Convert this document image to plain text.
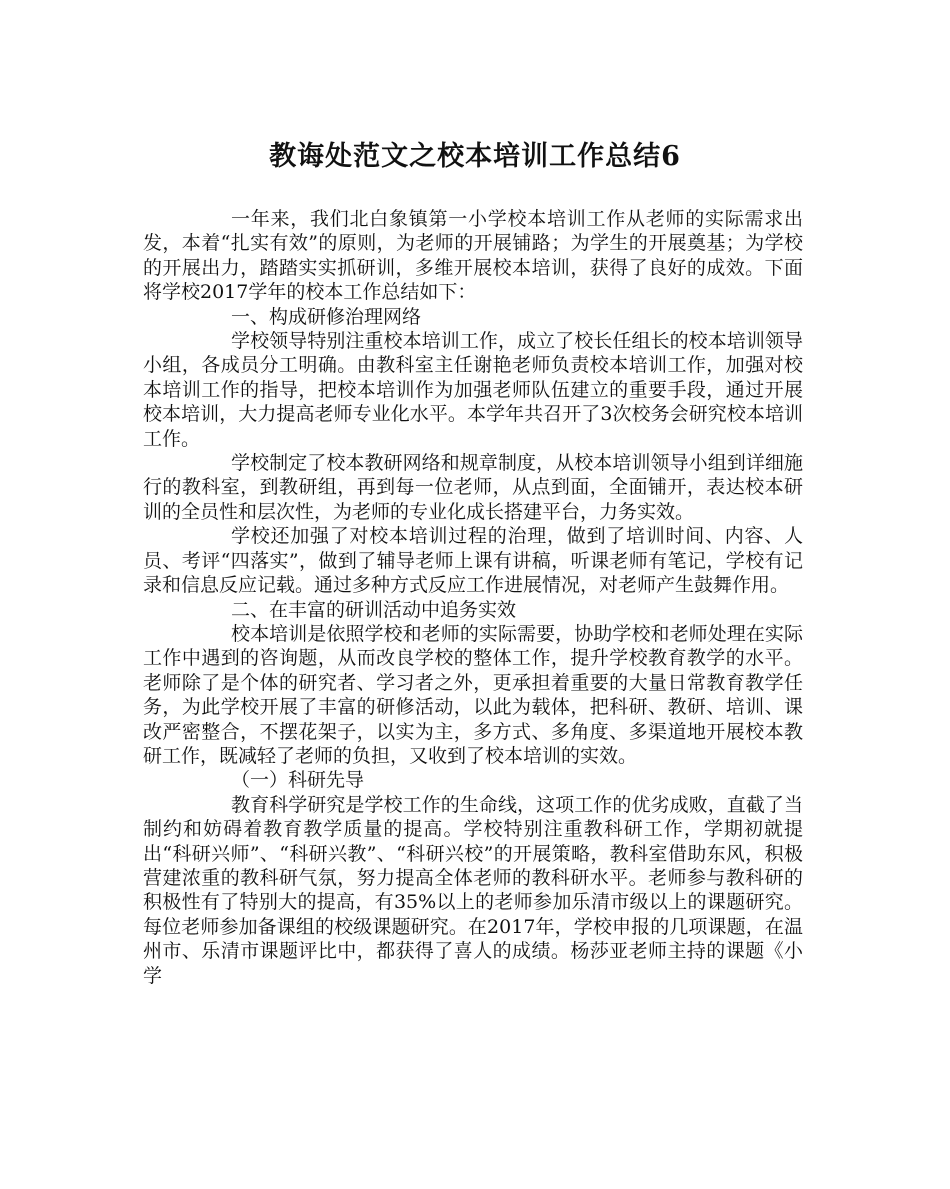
教诲处范文之校本培训工作总结6

一年来，我们北白象镇第一小学校本培训工作从老师的实际需求出发，本着“扎实有效”的原则，为老师的开展铺路；为学生的开展奠基；为学校的开展出力，踏踏实实抓研训，多维开展校本培训，获得了良好的成效。下面将学校2017学年的校本工作总结如下：

一、构成研修治理网络

学校领导特别注重校本培训工作，成立了校长任组长的校本培训领导小组，各成员分工明确。由教科室主任谢艳老师负责校本培训工作，加强对校本培训工作的指导，把校本培训作为加强老师队伍建立的重要手段，通过开展校本培训，大力提高老师专业化水平。本学年共召开了3次校务会研究校本培训工作。

学校制定了校本教研网络和规章制度，从校本培训领导小组到详细施行的教科室，到教研组，再到每一位老师，从点到面，全面铺开，表达校本研训的全员性和层次性，为老师的专业化成长搭建平台，力务实效。

学校还加强了对校本培训过程的治理，做到了培训时间、内容、人员、考评“四落实”，做到了辅导老师上课有讲稿，听课老师有笔记，学校有记录和信息反应记载。通过多种方式反应工作进展情况，对老师产生鼓舞作用。

二、在丰富的研训活动中追务实效

校本培训是依照学校和老师的实际需要，协助学校和老师处理在实际工作中遇到的咨询题，从而改良学校的整体工作，提升学校教育教学的水平。老师除了是个体的研究者、学习者之外，更承担着重要的大量日常教育教学任务，为此学校开展了丰富的研修活动，以此为载体，把科研、教研、培训、课改严密整合，不摆花架子，以实为主，多方式、多角度、多渠道地开展校本教研工作，既减轻了老师的负担，又收到了校本培训的实效。

（一）科研先导

教育科学研究是学校工作的生命线，这项工作的优劣成败，直截了当制约和妨碍着教育教学质量的提高。学校特别注重教科研工作，学期初就提出“科研兴师”、“科研兴教”、“科研兴校”的开展策略，教科室借助东风，积极营建浓重的教科研气氛，努力提高全体老师的教科研水平。老师参与教科研的积极性有了特别大的提高，有35%以上的老师参加乐清市级以上的课题研究。每位老师参加备课组的校级课题研究。在2017年，学校申报的几项课题，在温州市、乐清市课题评比中，都获得了喜人的成绩。杨莎亚老师主持的课题《小学
